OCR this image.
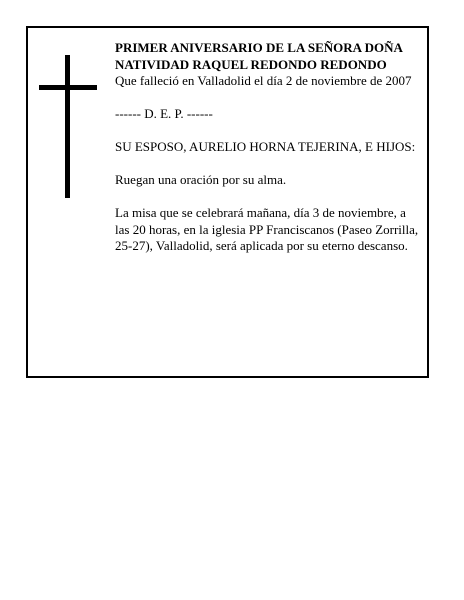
PRIMER ANIVERSARIO DE LA SEÑORA DOÑA NATIVIDAD RAQUEL REDONDO REDONDO

Que falleció en Valladolid el día 2 de noviembre de 2007

------ D. E. P. ------

SU ESPOSO, AURELIO HORNA TEJERINA, E HIJOS:

Ruegan una oración por su alma.

La misa que se celebrará mañana, día 3 de noviembre, a las 20 horas, en la iglesia PP Franciscanos (Paseo Zorrilla, 25-27), Valladolid, será aplicada por su eterno descanso.
